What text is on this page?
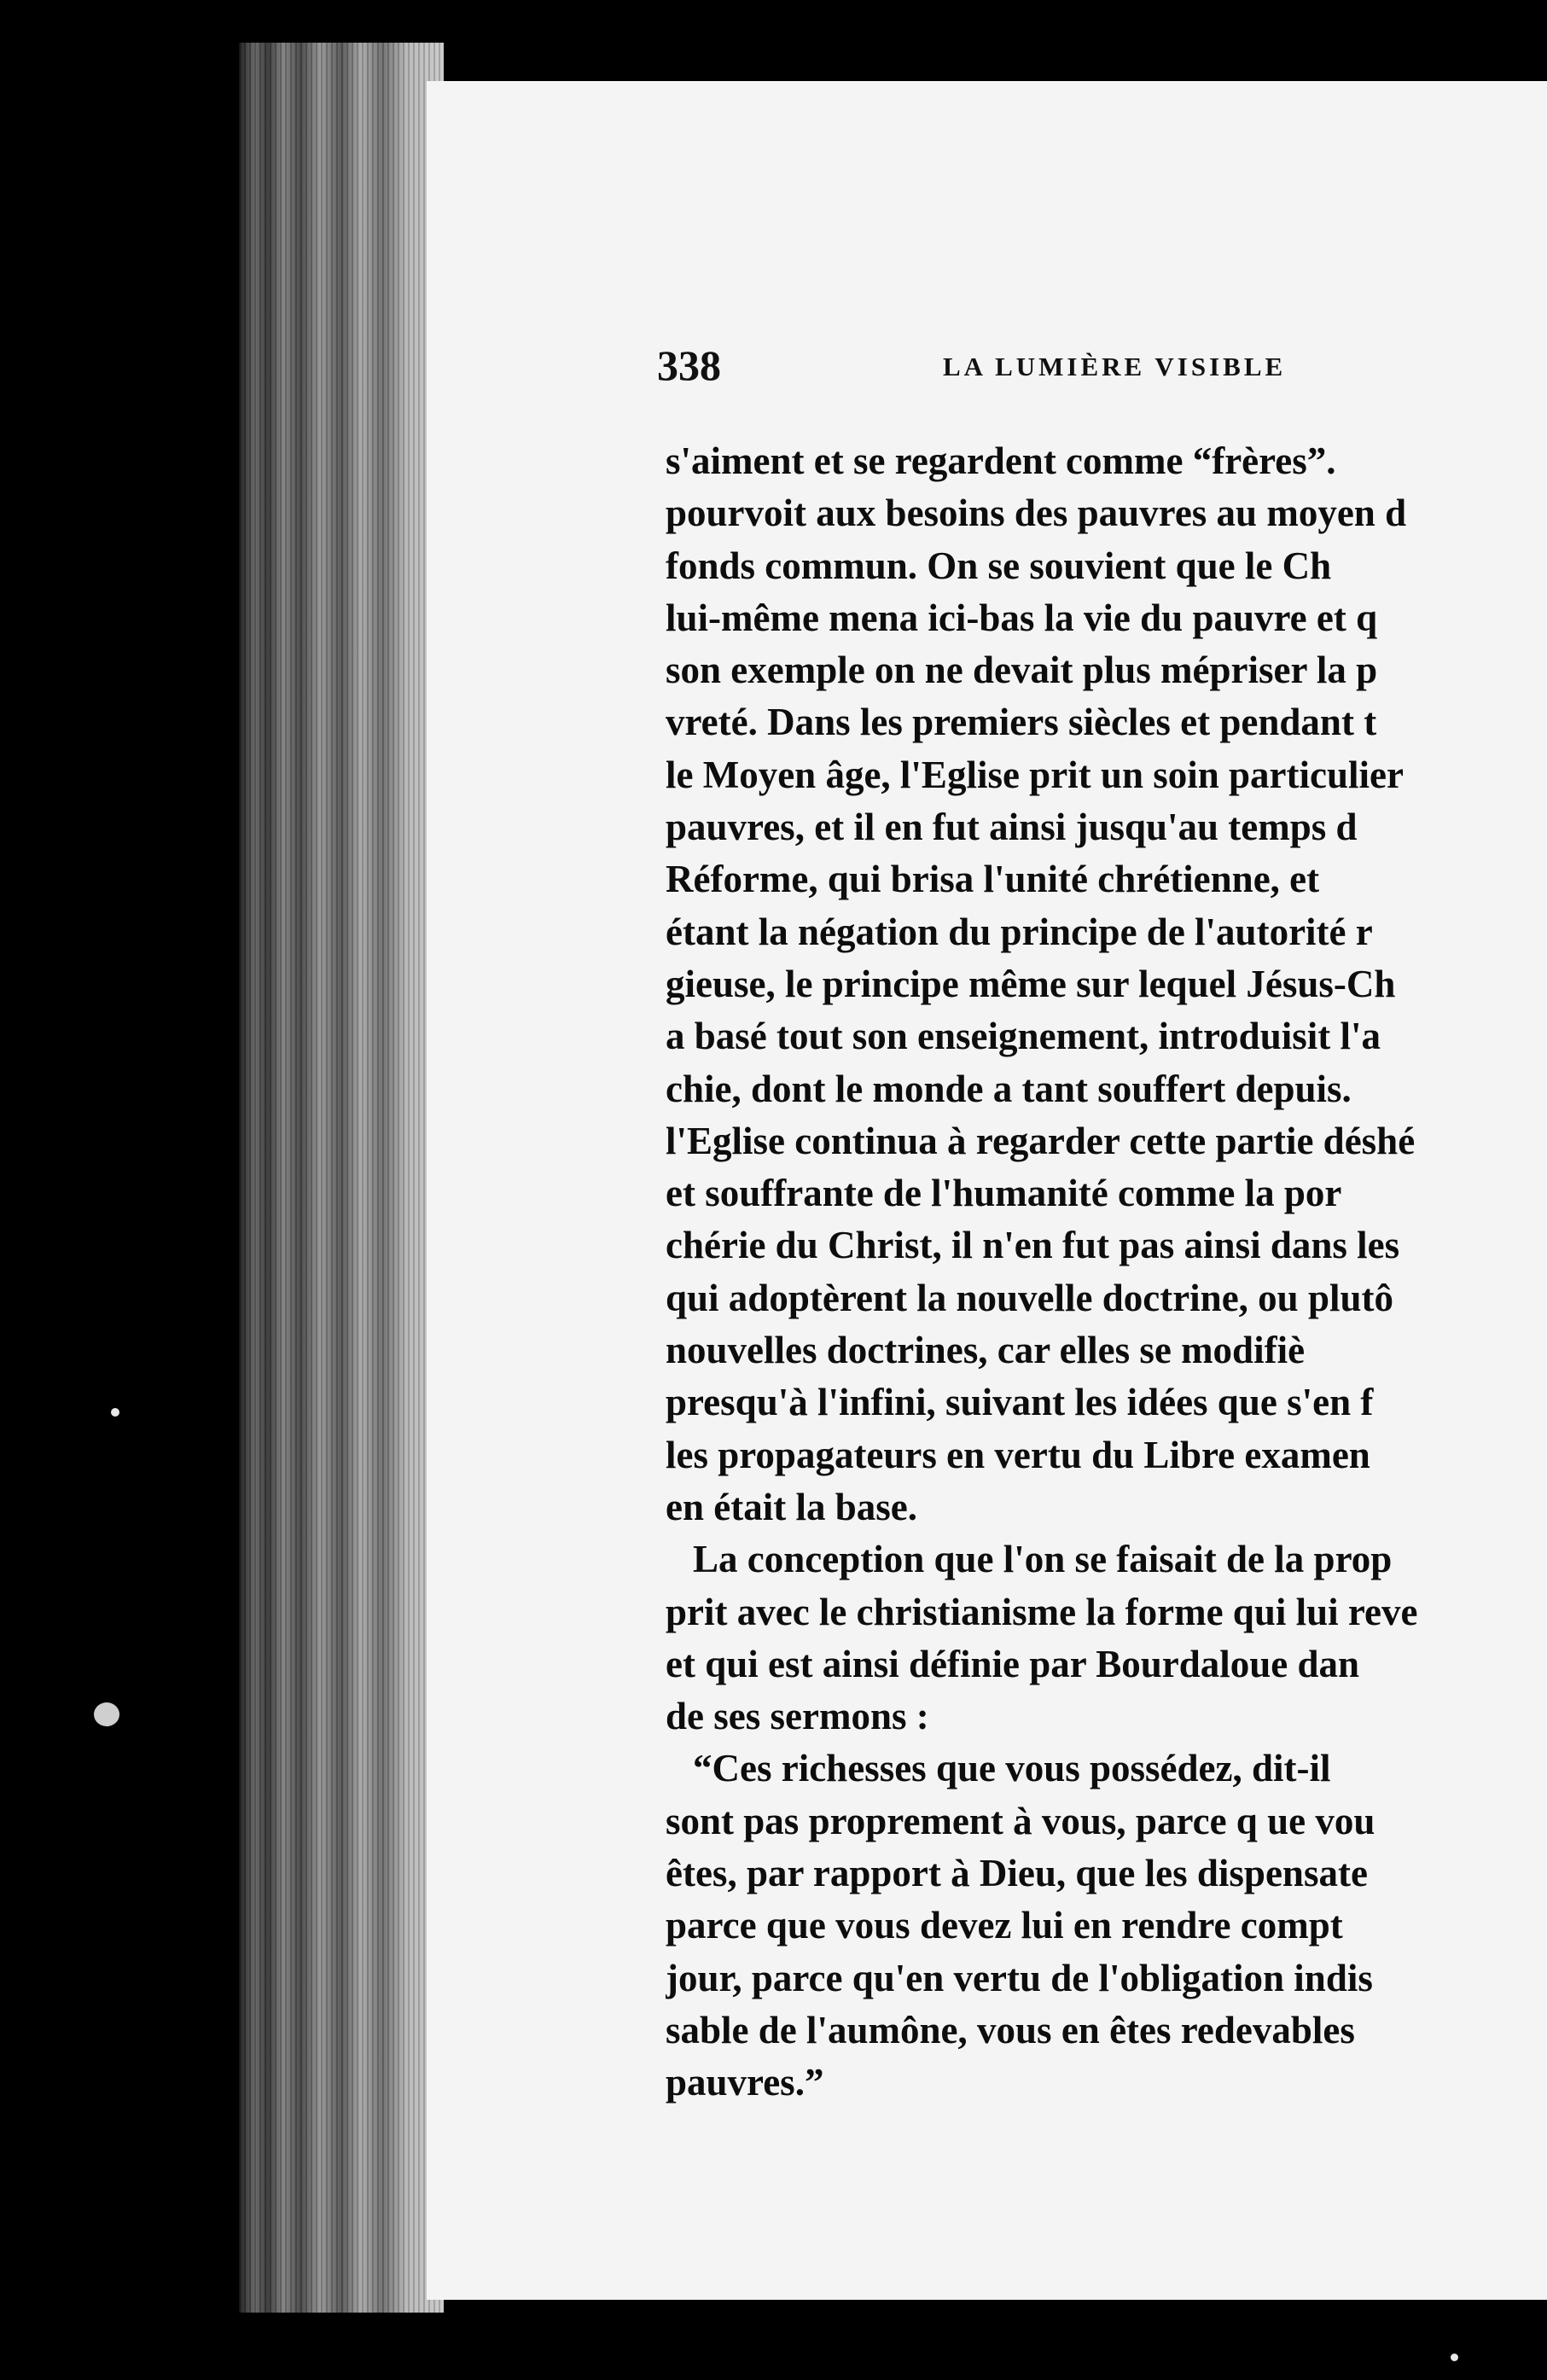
338	LA LUMIÈRE VISIBLE
s'aiment et se regardent comme “frères”.
pourvoit aux besoins des pauvres au moyen d
fonds commun. On se souvient que le Ch
lui-même mena ici-bas la vie du pauvre et q
son exemple on ne devait plus mépriser la p
vreté. Dans les premiers siècles et pendant t
le Moyen âge, l'Eglise prit un soin particulier
pauvres, et il en fut ainsi jusqu'au temps d
Réforme, qui brisa l'unité chrétienne, et
étant la négation du principe de l'autorité r
gieuse, le principe même sur lequel Jésus-Ch
a basé tout son enseignement, introduisit l'a
chie, dont le monde a tant souffert depuis.
l'Eglise continua à regarder cette partie déshé
et souffrante de l'humanité comme la por
chérie du Christ, il n'en fut pas ainsi dans les
qui adoptèrent la nouvelle doctrine, ou plutô
nouvelles doctrines, car elles se modifiè
presqu'à l'infini, suivant les idées que s'en f
les propagateurs en vertu du Libre examen
en était la base.
La conception que l'on se faisait de la prop
prit avec le christianisme la forme qui lui reve
et qui est ainsi définie par Bourdaloue dan
de ses sermons :
“Ces richesses que vous possédez, dit-il
sont pas proprement à vous, parce q ue vou
êtes, par rapport à Dieu, que les dispensate
parce que vous devez lui en rendre compt
jour, parce qu'en vertu de l'obligation indis
sable de l'aumône, vous en êtes redevables
pauvres.”
